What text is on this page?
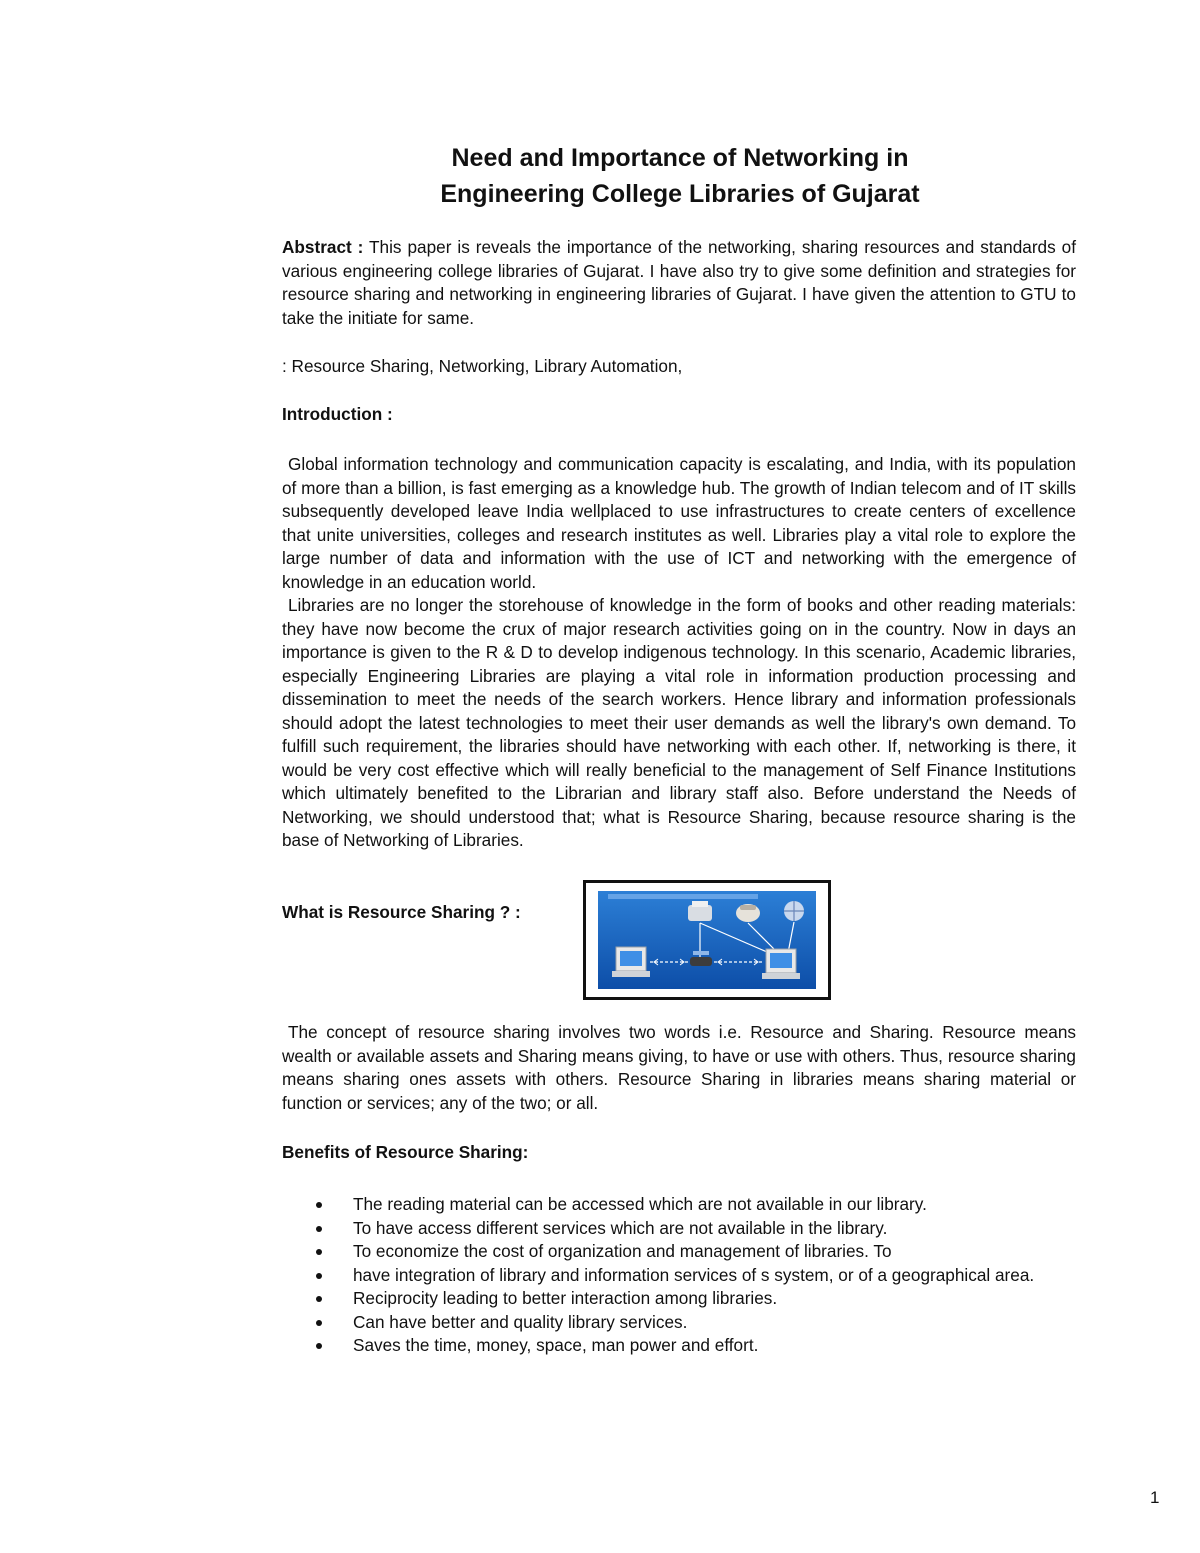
Need and Importance of Networking in
Engineering College Libraries of Gujarat

Abstract : This paper is reveals the importance of the networking, sharing resources and standards of various engineering college libraries of Gujarat. I have also try to give some definition and strategies for resource sharing and networking in engineering libraries of Gujarat. I have given the attention to GTU to take the initiate for same.

: Resource Sharing, Networking, Library Automation,

Introduction :

Global information technology and communication capacity is escalating, and India, with its population of more than a billion, is fast emerging as a knowledge hub. The growth of Indian telecom and of IT skills subsequently developed leave India wellplaced to use infrastructures to create centers of excellence that unite universities, colleges and research institutes as well. Libraries play a vital role to explore the large number of data and information with the use of ICT and networking with the emergence of knowledge in an education world.

Libraries are no longer the storehouse of knowledge in the form of books and other reading materials: they have now become the crux of major research activities going on in the country. Now in days an importance is given to the R & D to develop indigenous technology. In this scenario, Academic libraries, especially Engineering Libraries are playing a vital role in information production processing and dissemination to meet the needs of the search workers. Hence library and information professionals should adopt the latest technologies to meet their user demands as well the library's own demand. To fulfill such requirement, the libraries should have networking with each other. If, networking is there, it would be very cost effective which will really beneficial to the management of Self Finance Institutions which ultimately benefited to the Librarian and library staff also. Before understand the Needs of Networking, we should understood that; what is Resource Sharing, because resource sharing is the base of Networking of Libraries.

What is Resource Sharing ? :

The concept of resource sharing involves two words i.e. Resource and Sharing. Resource means wealth or available assets and Sharing means giving, to have or use with others. Thus, resource sharing means sharing ones assets with others. Resource Sharing in libraries means sharing material or function or services; any of the two; or all.

Benefits of Resource Sharing:

The reading material can be accessed which are not available in our library.
To have access different services which are not available in the library.
To economize the cost of organization and management of libraries. To
have integration of library and information services of s system, or of a geographical area.
Reciprocity leading to better interaction among libraries.
Can have better and quality library services.
Saves the time, money, space, man power and effort.
1
